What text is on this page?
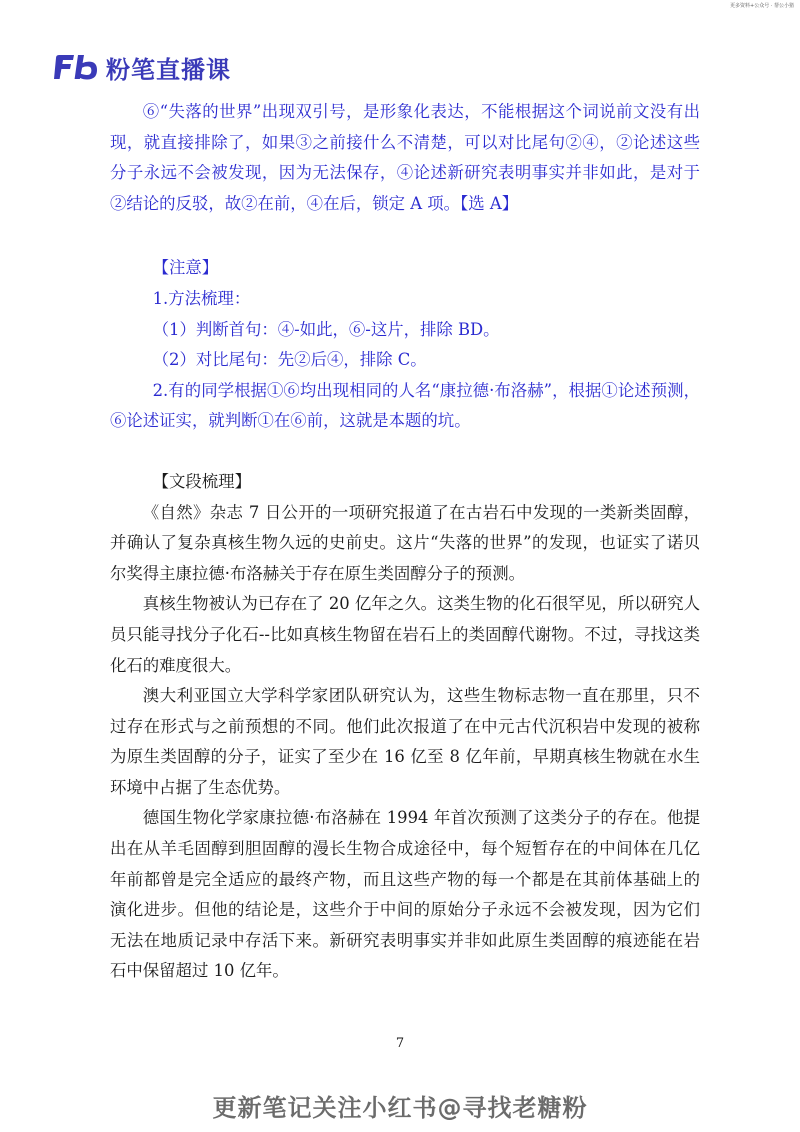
更多资料+公众号 · 帮公小猪
粉笔直播课

⑥“失落的世界”出现双引号，是形象化表达，不能根据这个词说前文没有出现，就直接排除了，如果③之前接什么不清楚，可以对比尾句②④，②论述这些分子永远不会被发现，因为无法保存，④论述新研究表明事实并非如此，是对于②结论的反驳，故②在前，④在后，锁定 A 项。【选 A】

【注意】

1.方法梳理：

（1）判断首句：④-如此，⑥-这片，排除 BD。

（2）对比尾句：先②后④，排除 C。

2.有的同学根据①⑥均出现相同的人名“康拉德·布洛赫”，根据①论述预测，⑥论述证实，就判断①在⑥前，这就是本题的坑。

【文段梳理】

《自然》杂志 7 日公开的一项研究报道了在古岩石中发现的一类新类固醇，并确认了复杂真核生物久远的史前史。这片“失落的世界”的发现，也证实了诺贝尔奖得主康拉德·布洛赫关于存在原生类固醇分子的预测。

真核生物被认为已存在了 20 亿年之久。这类生物的化石很罕见，所以研究人员只能寻找分子化石--比如真核生物留在岩石上的类固醇代谢物。不过，寻找这类化石的难度很大。

澳大利亚国立大学科学家团队研究认为，这些生物标志物一直在那里，只不过存在形式与之前预想的不同。他们此次报道了在中元古代沉积岩中发现的被称为原生类固醇的分子，证实了至少在 16 亿至 8 亿年前，早期真核生物就在水生环境中占据了生态优势。

德国生物化学家康拉德·布洛赫在 1994 年首次预测了这类分子的存在。他提出在从羊毛固醇到胆固醇的漫长生物合成途径中，每个短暂存在的中间体在几亿年前都曾是完全适应的最终产物，而且这些产物的每一个都是在其前体基础上的演化进步。但他的结论是，这些介于中间的原始分子永远不会被发现，因为它们无法在地质记录中存活下来。新研究表明事实并非如此原生类固醇的痕迹能在岩石中保留超过 10 亿年。

7
更新笔记关注小红书@寻找老糖粉
